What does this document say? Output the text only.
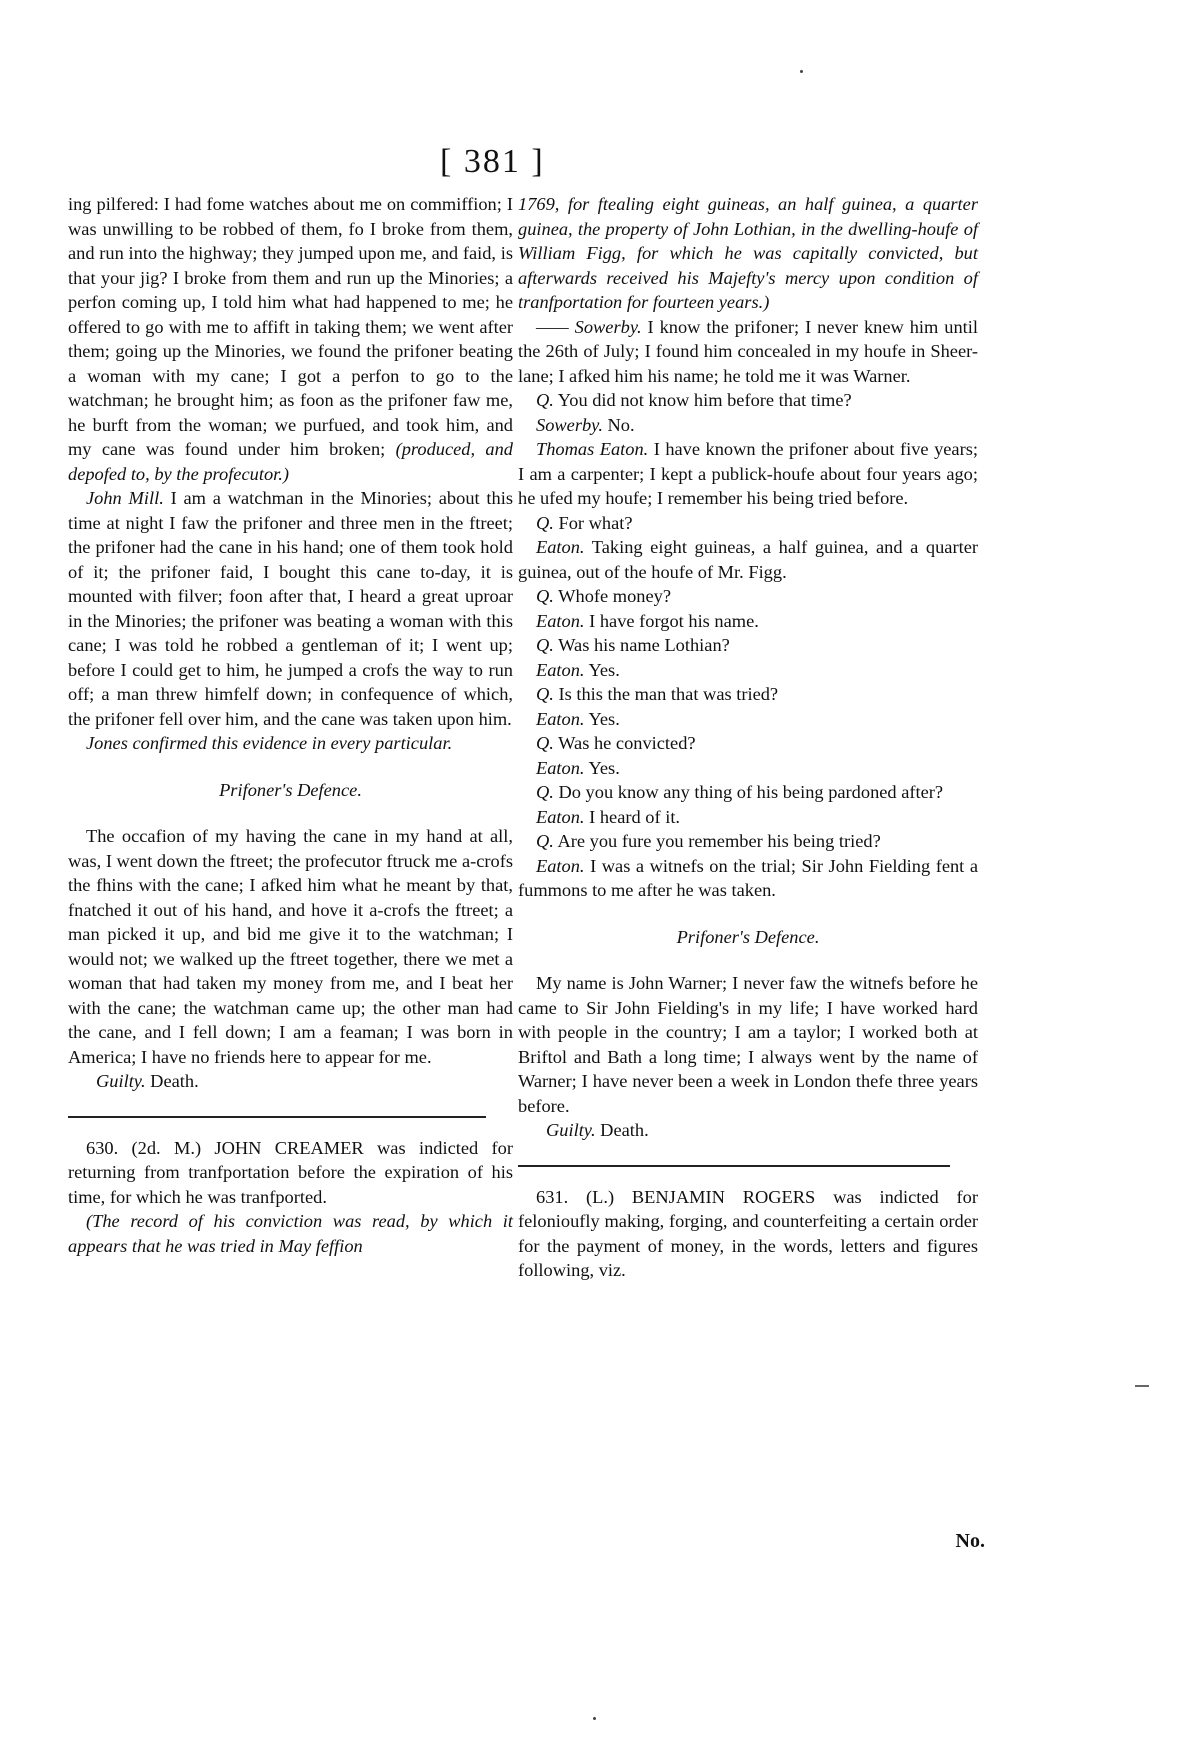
[ 381 ]

ing pilfered: I had fome watches about me on commiffion; I was unwilling to be robbed of them, fo I broke from them, and run into the highway; they jumped upon me, and faid, is that your jig? I broke from them and run up the Minories; a perfon coming up, I told him what had happened to me; he offered to go with me to affift in taking them; we went after them; going up the Minories, we found the prifoner beating a woman with my cane; I got a perfon to go to the watchman; he brought him; as foon as the prifoner faw me, he burft from the woman; we purfued, and took him, and my cane was found under him broken; (produced, and depofed to, by the profecutor.)

John Mill. I am a watchman in the Minories; about this time at night I faw the prifoner and three men in the ftreet; the prifoner had the cane in his hand; one of them took hold of it; the prifoner faid, I bought this cane to-day, it is mounted with filver; foon after that, I heard a great uproar in the Minories; the prifoner was beating a woman with this cane; I was told he robbed a gentleman of it; I went up; before I could get to him, he jumped a crofs the way to run off; a man threw himfelf down; in confequence of which, the prifoner fell over him, and the cane was taken upon him.

Jones confirmed this evidence in every particular.

Prifoner's Defence.

The occafion of my having the cane in my hand at all, was, I went down the ftreet; the profecutor ftruck me a-crofs the fhins with the cane; I afked him what he meant by that, fnatched it out of his hand, and hove it a-crofs the ftreet; a man picked it up, and bid me give it to the watchman; I would not; we walked up the ftreet together, there we met a woman that had taken my money from me, and I beat her with the cane; the watchman came up; the other man had the cane, and I fell down; I am a feaman; I was born in America; I have no friends here to appear for me.

Guilty. Death.

630. (2d. M.) JOHN CREAMER was indicted for returning from tranfportation before the expiration of his time, for which he was tranfported.

(The record of his conviction was read, by which it appears that he was tried in May feffion

1769, for ftealing eight guineas, an half guinea, a quarter guinea, the property of John Lothian, in the dwelling-houfe of William Figg, for which he was capitally convicted, but afterwards received his Majefty's mercy upon condition of tranfportation for fourteen years.)

—— Sowerby. I know the prifoner; I never knew him until the 26th of July; I found him concealed in my houfe in Sheer-lane; I afked him his name; he told me it was Warner.

Q. You did not know him before that time?

Sowerby. No.

Thomas Eaton. I have known the prifoner about five years; I am a carpenter; I kept a publick-houfe about four years ago; he ufed my houfe; I remember his being tried before.

Q. For what?

Eaton. Taking eight guineas, a half guinea, and a quarter guinea, out of the houfe of Mr. Figg.

Q. Whofe money?

Eaton. I have forgot his name.

Q. Was his name Lothian?

Eaton. Yes.

Q. Is this the man that was tried?

Eaton. Yes.

Q. Was he convicted?

Eaton. Yes.

Q. Do you know any thing of his being pardoned after?

Eaton. I heard of it.

Q. Are you fure you remember his being tried?

Eaton. I was a witnefs on the trial; Sir John Fielding fent a fummons to me after he was taken.

Prifoner's Defence.

My name is John Warner; I never faw the witnefs before he came to Sir John Fielding's in my life; I have worked hard with people in the country; I am a taylor; I worked both at Briftol and Bath a long time; I always went by the name of Warner; I have never been a week in London thefe three years before.

Guilty. Death.

631. (L.) BENJAMIN ROGERS was indicted for felonioufly making, forging, and counterfeiting a certain order for the payment of money, in the words, letters and figures following, viz.

No.
